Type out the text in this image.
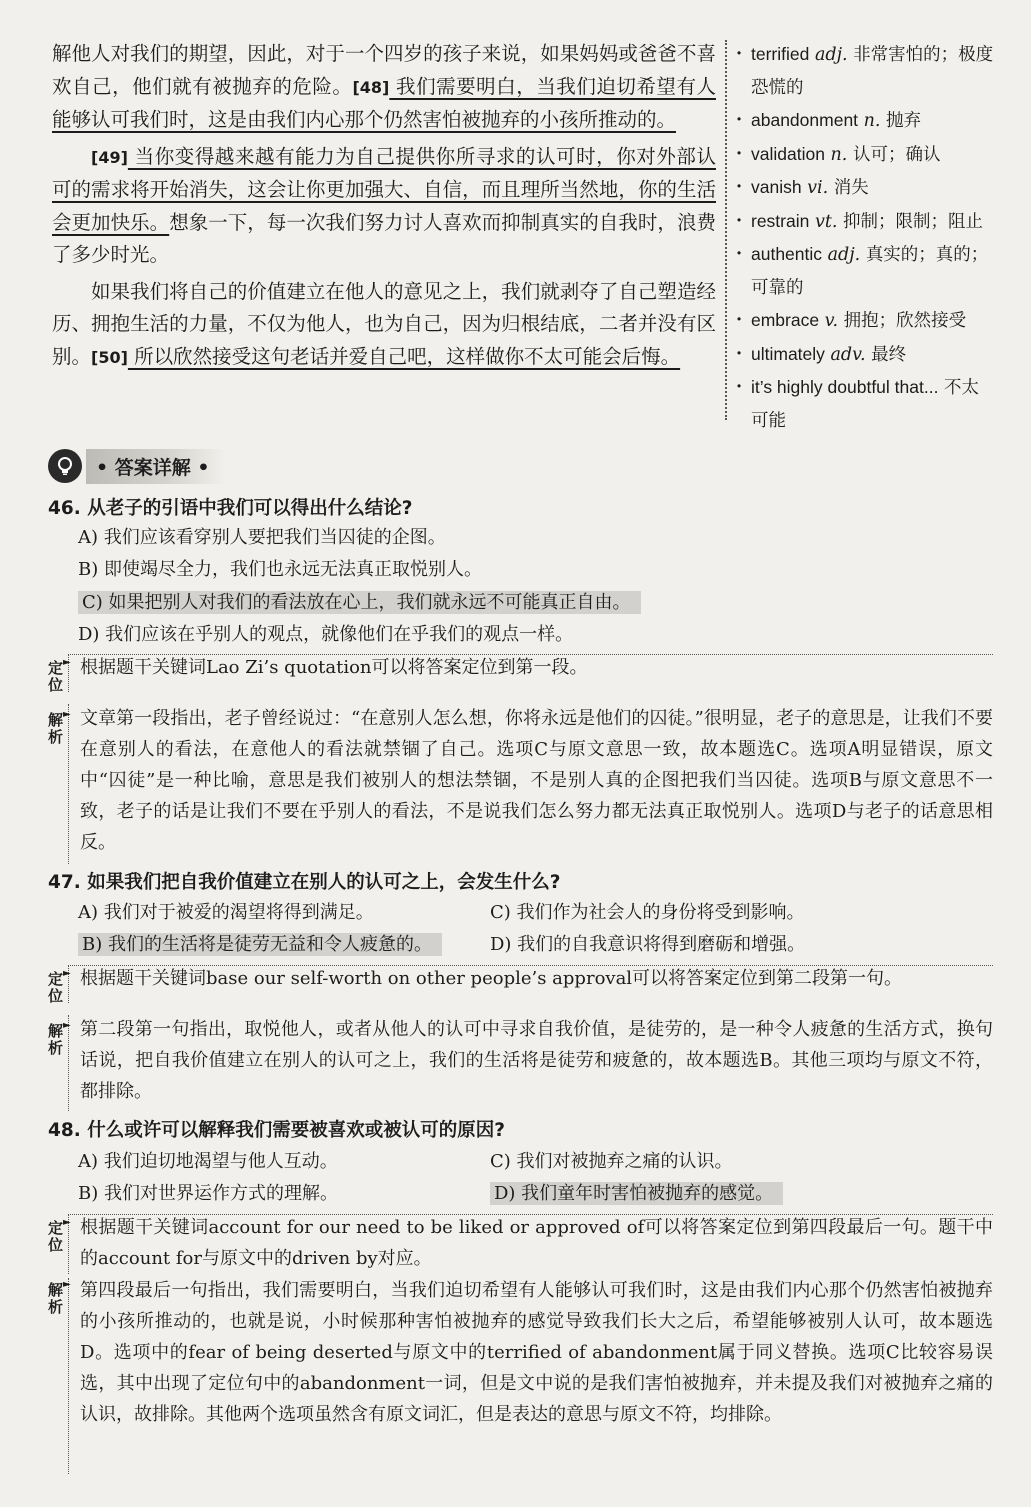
解他人对我们的期望，因此，对于一个四岁的孩子来说，如果妈妈或爸爸不喜欢自己，他们就有被抛弃的危险。[48] 我们需要明白，当我们迫切希望有人能够认可我们时，这是由我们内心那个仍然害怕被抛弃的小孩所推动的。

[49] 当你变得越来越有能力为自己提供你所寻求的认可时，你对外部认可的需求将开始消失，这会让你更加强大、自信，而且理所当然地，你的生活会更加快乐。想象一下，每一次我们努力讨人喜欢而抑制真实的自我时，浪费了多少时光。

如果我们将自己的价值建立在他人的意见之上，我们就剥夺了自己塑造经历、拥抱生活的力量，不仅为他人，也为自己，因为归根结底，二者并没有区别。[50] 所以欣然接受这句老话并爱自己吧，这样做你不太可能会后悔。

· terrified adj. 非常害怕的；极度恐慌的
· abandonment n. 抛弃
· validation n. 认可；确认
· vanish vi. 消失
· restrain vt. 抑制；限制；阻止
· authentic adj. 真实的；真的；可靠的
· embrace v. 拥抱；欣然接受
· ultimately adv. 最终
· it’s highly doubtful that... 不太可能
• 答案详解 •
46. 从老子的引语中我们可以得出什么结论?
A) 我们应该看穿别人要把我们当囚徒的企图。
B) 即使竭尽全力，我们也永远无法真正取悦别人。
C) 如果把别人对我们的看法放在心上，我们就永远不可能真正自由。
D) 我们应该在乎别人的观点，就像他们在乎我们的观点一样。
定位
► 根据题干关键词Lao Zi’s quotation可以将答案定位到第一段。
解析
► 文章第一段指出，老子曾经说过：“在意别人怎么想，你将永远是他们的囚徒。”很明显，老子的意思是，让我们不要在意别人的看法，在意他人的看法就禁锢了自己。选项C与原文意思一致，故本题选C。选项A明显错误，原文中“囚徒”是一种比喻，意思是我们被别人的想法禁锢，不是别人真的企图把我们当囚徒。选项B与原文意思不一致，老子的话是让我们不要在乎别人的看法，不是说我们怎么努力都无法真正取悦别人。选项D与老子的话意思相反。
47. 如果我们把自我价值建立在别人的认可之上，会发生什么?
A) 我们对于被爱的渴望将得到满足。	C) 我们作为社会人的身份将受到影响。
B) 我们的生活将是徒劳无益和令人疲惫的。	D) 我们的自我意识将得到磨砺和增强。
定位
► 根据题干关键词base our self-worth on other people’s approval可以将答案定位到第二段第一句。
解析
► 第二段第一句指出，取悦他人，或者从他人的认可中寻求自我价值，是徒劳的，是一种令人疲惫的生活方式，换句话说，把自我价值建立在别人的认可之上，我们的生活将是徒劳和疲惫的，故本题选B。其他三项均与原文不符，都排除。
48. 什么或许可以解释我们需要被喜欢或被认可的原因?
A) 我们迫切地渴望与他人互动。	C) 我们对被抛弃之痛的认识。
B) 我们对世界运作方式的理解。	D) 我们童年时害怕被抛弃的感觉。
定位
► 根据题干关键词account for our need to be liked or approved of可以将答案定位到第四段最后一句。题干中的account for与原文中的driven by对应。
解析
► 第四段最后一句指出，我们需要明白，当我们迫切希望有人能够认可我们时，这是由我们内心那个仍然害怕被抛弃的小孩所推动的，也就是说，小时候那种害怕被抛弃的感觉导致我们长大之后，希望能够被别人认可，故本题选D。选项中的fear of being deserted与原文中的terrified of abandonment属于同义替换。选项C比较容易误选，其中出现了定位句中的abandonment一词，但是文中说的是我们害怕被抛弃，并未提及我们对被抛弃之痛的认识，故排除。其他两个选项虽然含有原文词汇，但是表达的意思与原文不符，均排除。
